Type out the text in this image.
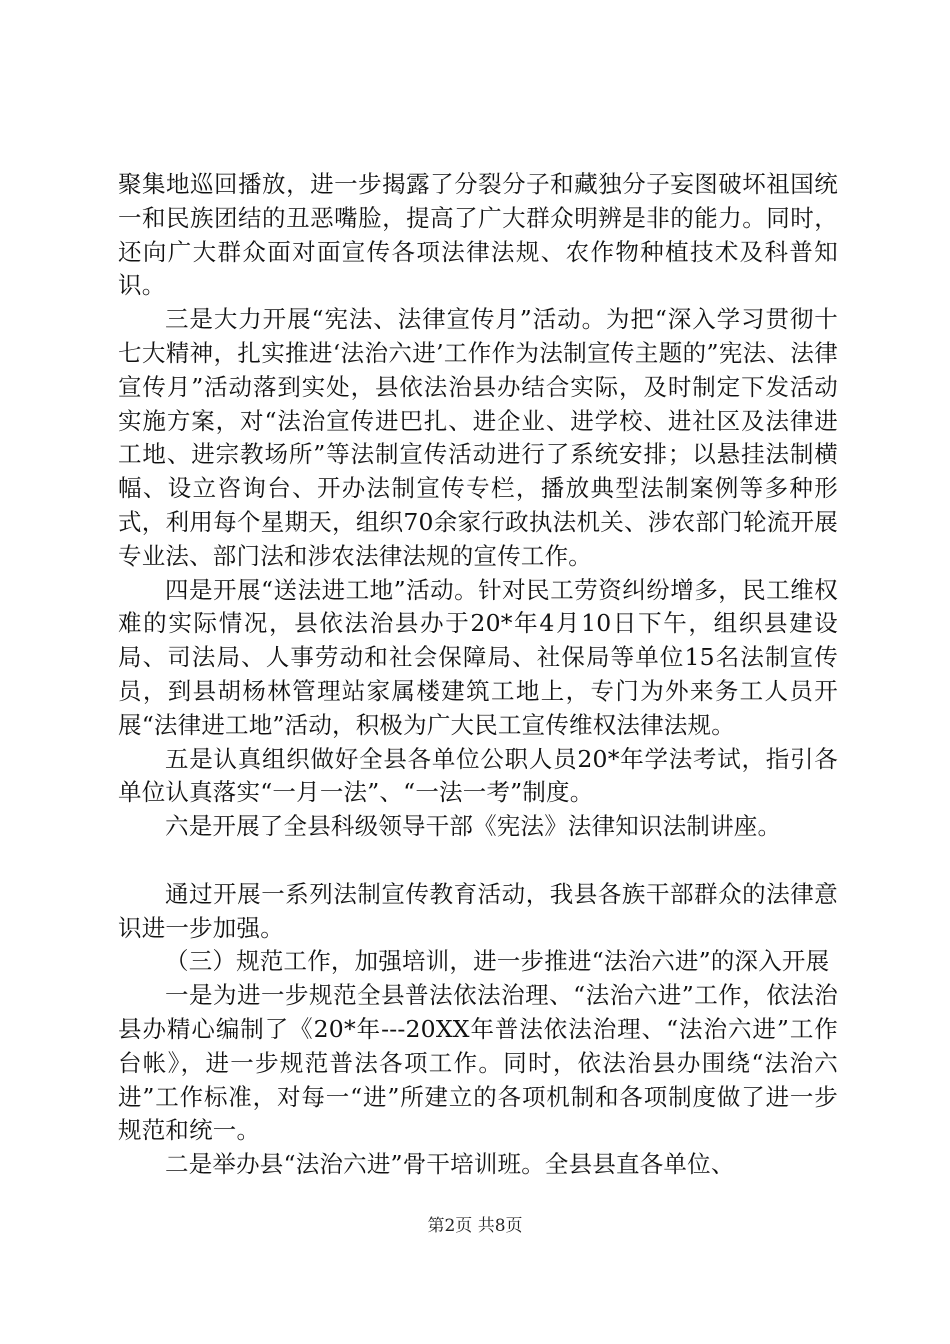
聚集地巡回播放，进一步揭露了分裂分子和藏独分子妄图破坏祖国统一和民族团结的丑恶嘴脸，提高了广大群众明辨是非的能力。同时，还向广大群众面对面宣传各项法律法规、农作物种植技术及科普知识。

三是大力开展“宪法、法律宣传月”活动。为把“深入学习贯彻十七大精神，扎实推进‘法治六进’工作作为法制宣传主题的”宪法、法律宣传月”活动落到实处，县依法治县办结合实际，及时制定下发活动实施方案，对“法治宣传进巴扎、进企业、进学校、进社区及法律进工地、进宗教场所”等法制宣传活动进行了系统安排；以悬挂法制横幅、设立咨询台、开办法制宣传专栏，播放典型法制案例等多种形式，利用每个星期天，组织70余家行政执法机关、涉农部门轮流开展专业法、部门法和涉农法律法规的宣传工作。

四是开展“送法进工地”活动。针对民工劳资纠纷增多，民工维权难的实际情况，县依法治县办于20*年4月10日下午，组织县建设局、司法局、人事劳动和社会保障局、社保局等单位15名法制宣传员，到县胡杨林管理站家属楼建筑工地上，专门为外来务工人员开展“法律进工地”活动，积极为广大民工宣传维权法律法规。

五是认真组织做好全县各单位公职人员20*年学法考试，指引各单位认真落实“一月一法”、“一法一考”制度。

六是开展了全县科级领导干部《宪法》法律知识法制讲座。

通过开展一系列法制宣传教育活动，我县各族干部群众的法律意识进一步加强。

（三）规范工作，加强培训，进一步推进“法治六进”的深入开展

一是为进一步规范全县普法依法治理、“法治六进”工作，依法治县办精心编制了《20*年---20XX年普法依法治理、“法治六进”工作台帐》，进一步规范普法各项工作。同时，依法治县办围绕“法治六进”工作标准，对每一“进”所建立的各项机制和各项制度做了进一步规范和统一。

二是举办县“法治六进”骨干培训班。全县县直各单位、

第2页 共8页
